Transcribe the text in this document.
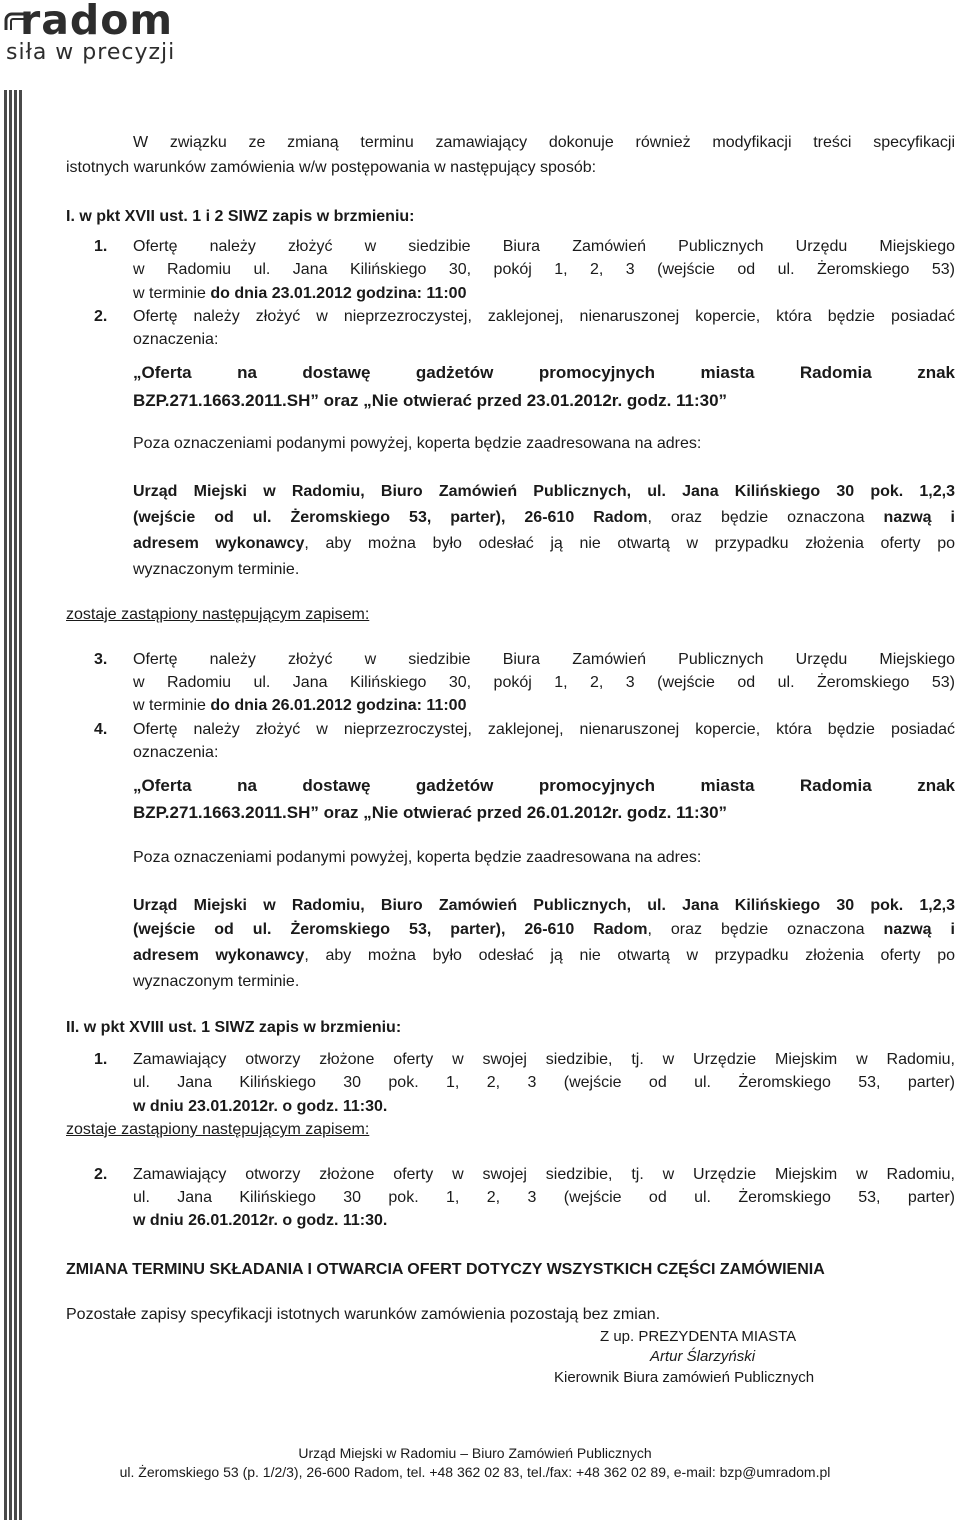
radom
siła w precyzji

W związku ze zmianą terminu zamawiający dokonuje również modyfikacji treści specyfikacji

istotnych warunków zamówienia w/w postępowania w następujący sposób:

I. w pkt XVII ust. 1 i 2 SIWZ zapis w brzmieniu:

1. Ofertę należy złożyć w siedzibie Biura Zamówień Publicznych Urzędu Miejskiego

w Radomiu ul. Jana Kilińskiego 30, pokój 1, 2, 3 (wejście od ul. Żeromskiego 53)

w terminie do dnia 23.01.2012 godzina: 11:00

2. Ofertę należy złożyć w nieprzezroczystej, zaklejonej, nienaruszonej kopercie, która będzie posiadać

oznaczenia:

„Oferta na dostawę gadżetów promocyjnych miasta Radomia znak

BZP.271.1663.2011.SH” oraz „Nie otwierać przed 23.01.2012r. godz. 11:30”

Poza oznaczeniami podanymi powyżej, koperta będzie zaadresowana na adres:

Urząd Miejski w Radomiu, Biuro Zamówień Publicznych, ul. Jana Kilińskiego 30 pok. 1,2,3

(wejście od ul. Żeromskiego 53, parter), 26-610 Radom, oraz będzie oznaczona nazwą i

adresem wykonawcy, aby można było odesłać ją nie otwartą w przypadku złożenia oferty po

wyznaczonym terminie.

zostaje zastąpiony następującym zapisem:

3. Ofertę należy złożyć w siedzibie Biura Zamówień Publicznych Urzędu Miejskiego

w Radomiu ul. Jana Kilińskiego 30, pokój 1, 2, 3 (wejście od ul. Żeromskiego 53)

w terminie do dnia 26.01.2012 godzina: 11:00

4. Ofertę należy złożyć w nieprzezroczystej, zaklejonej, nienaruszonej kopercie, która będzie posiadać

oznaczenia:

„Oferta na dostawę gadżetów promocyjnych miasta Radomia znak

BZP.271.1663.2011.SH” oraz „Nie otwierać przed 26.01.2012r. godz. 11:30”

Poza oznaczeniami podanymi powyżej, koperta będzie zaadresowana na adres:

Urząd Miejski w Radomiu, Biuro Zamówień Publicznych, ul. Jana Kilińskiego 30 pok. 1,2,3

(wejście od ul. Żeromskiego 53, parter), 26-610 Radom, oraz będzie oznaczona nazwą i

adresem wykonawcy, aby można było odesłać ją nie otwartą w przypadku złożenia oferty po

wyznaczonym terminie.

II. w pkt XVIII ust. 1 SIWZ zapis w brzmieniu:

1. Zamawiający otworzy złożone oferty w swojej siedzibie, tj. w Urzędzie Miejskim w Radomiu,

ul. Jana Kilińskiego 30 pok. 1, 2, 3 (wejście od ul. Żeromskiego 53, parter)

w dniu 23.01.2012r. o godz. 11:30.

zostaje zastąpiony następującym zapisem:

2. Zamawiający otworzy złożone oferty w swojej siedzibie, tj. w Urzędzie Miejskim w Radomiu,

ul. Jana Kilińskiego 30 pok. 1, 2, 3 (wejście od ul. Żeromskiego 53, parter)

w dniu 26.01.2012r. o godz. 11:30.

ZMIANA TERMINU SKŁADANIA I OTWARCIA OFERT DOTYCZY WSZYSTKICH CZĘŚCI ZAMÓWIENIA

Pozostałe zapisy specyfikacji istotnych warunków zamówienia pozostają bez zmian.

Z up. PREZYDENTA MIASTA

Artur Ślarzyński

Kierownik Biura zamówień Publicznych

Urząd Miejski w Radomiu – Biuro Zamówień Publicznych
ul. Żeromskiego 53 (p. 1/2/3), 26-600 Radom, tel. +48 362 02 83, tel./fax: +48 362 02 89, e-mail: bzp@umradom.pl
